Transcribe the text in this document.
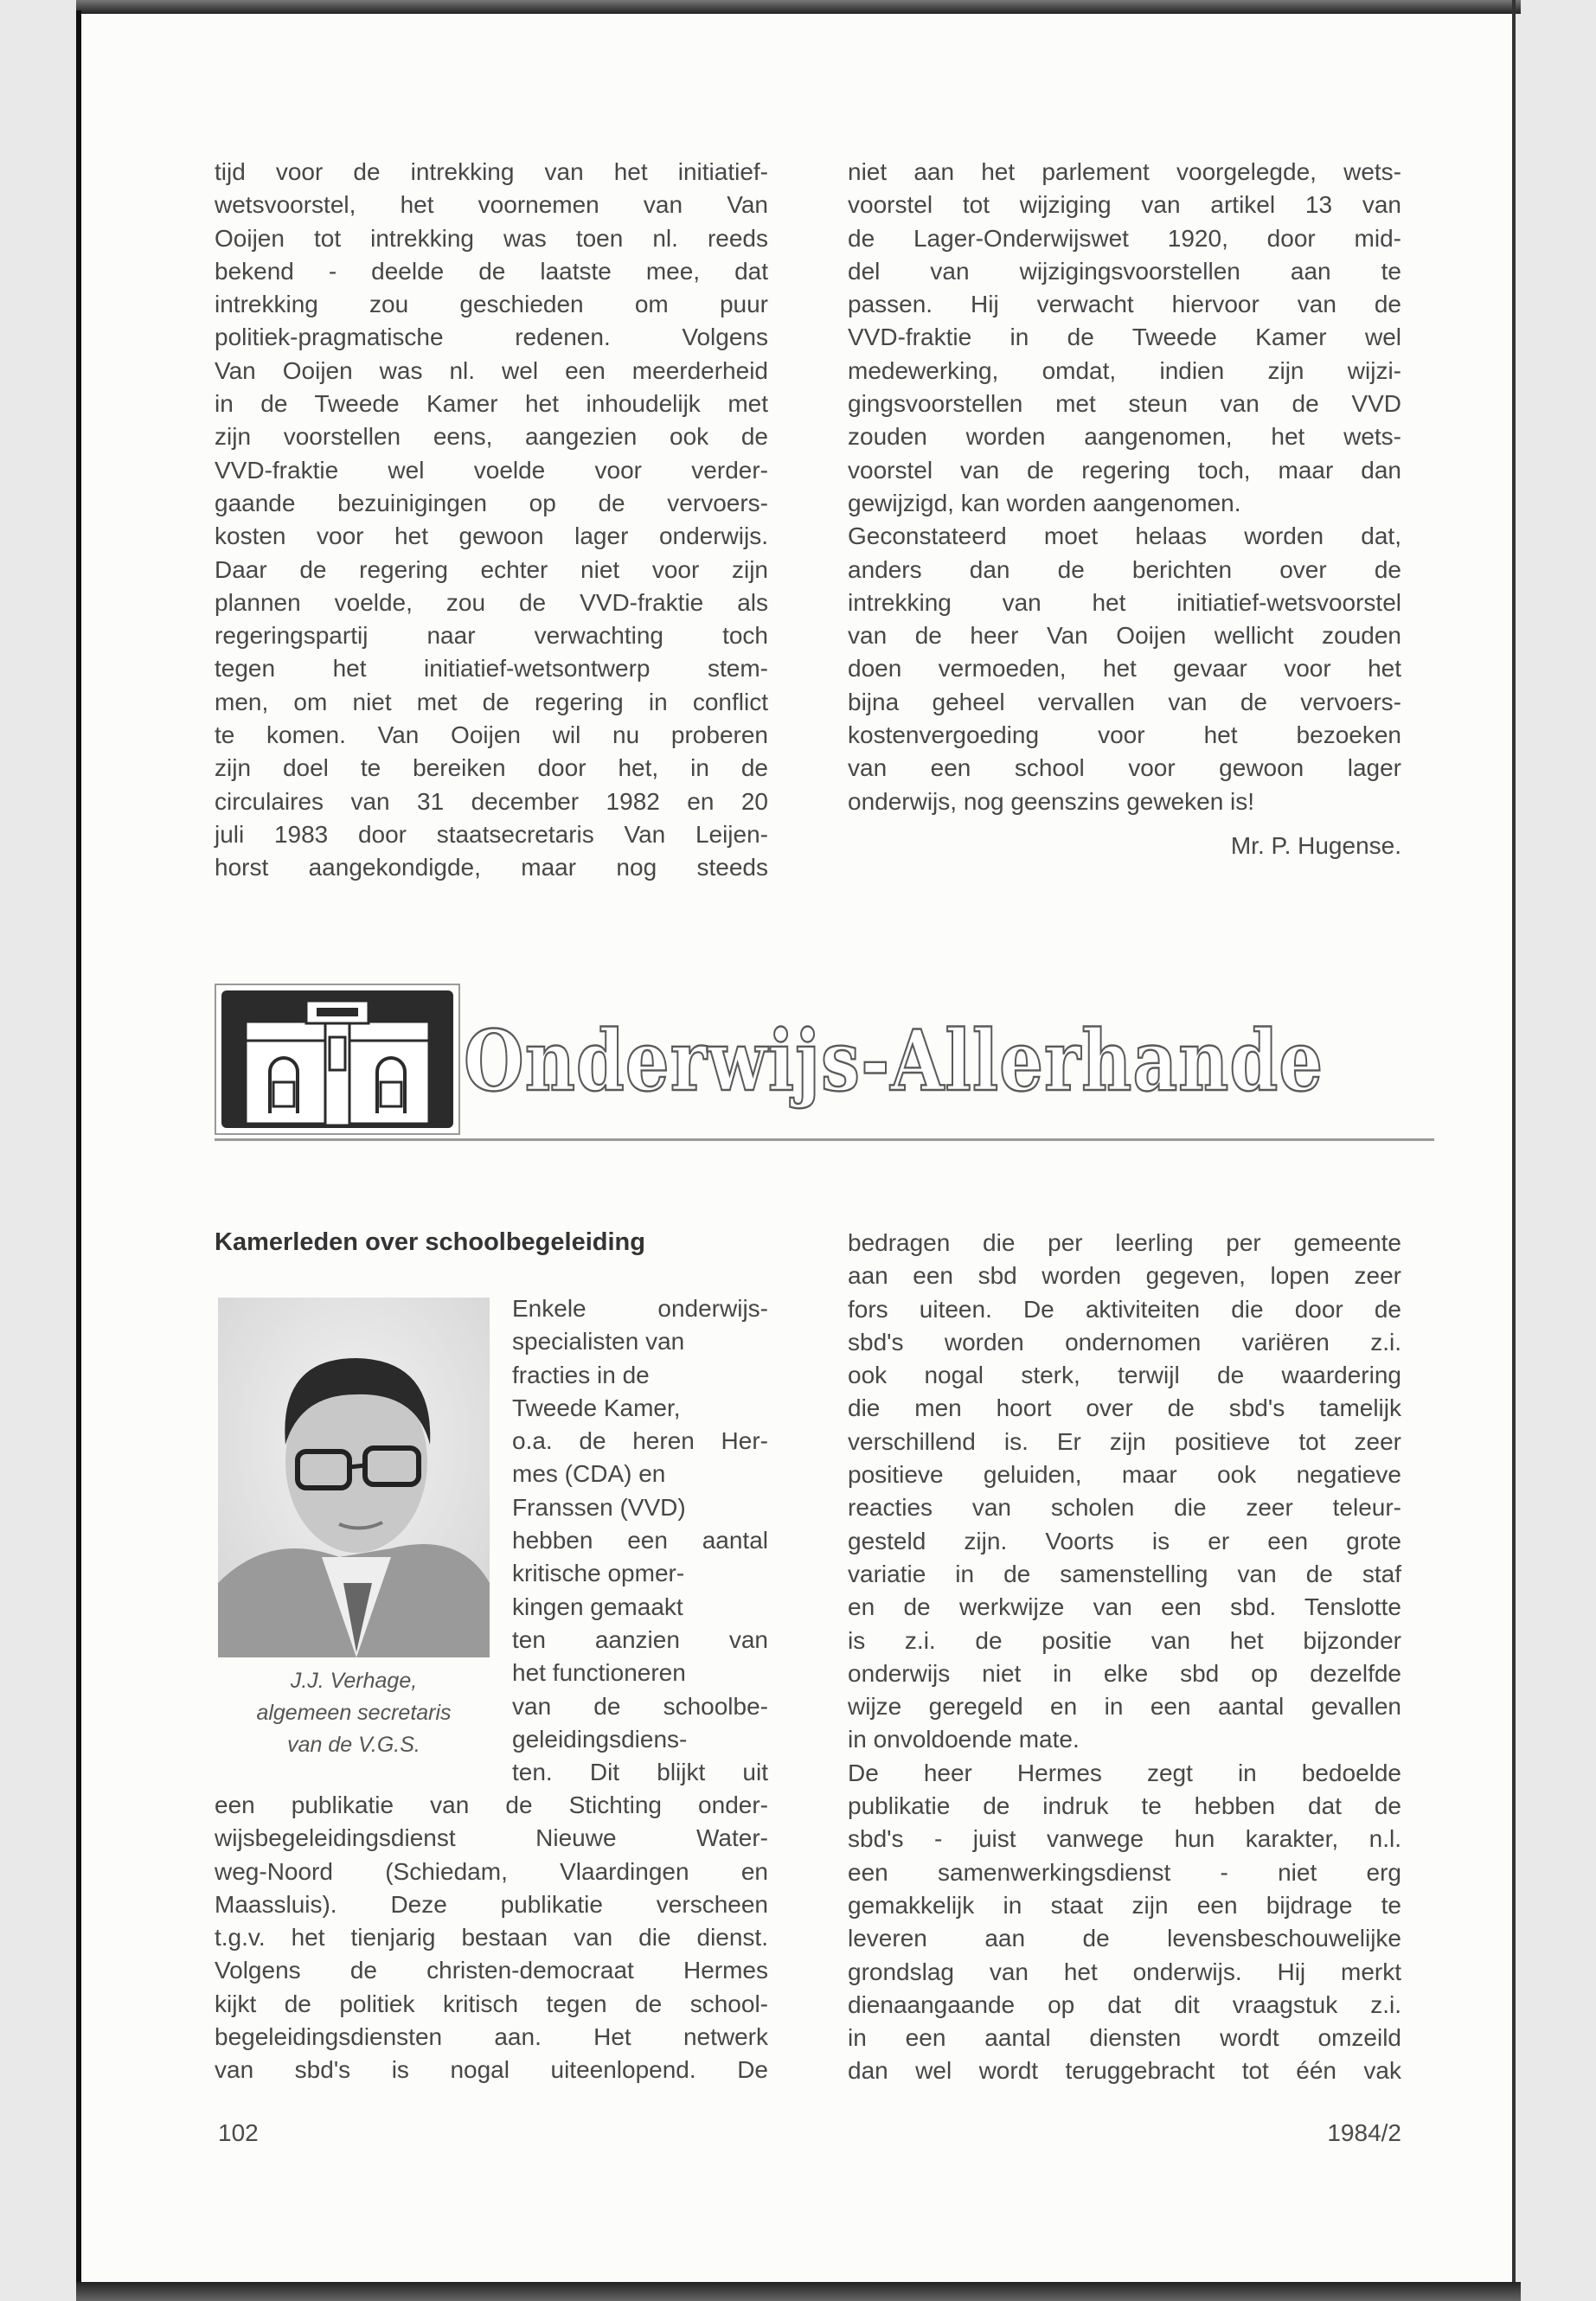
tijd voor de intrekking van het initiatief-
wetsvoorstel, het voornemen van Van
Ooijen tot intrekking was toen nl. reeds
bekend - deelde de laatste mee, dat
intrekking zou geschieden om puur
politiek-pragmatische redenen. Volgens
Van Ooijen was nl. wel een meerderheid
in de Tweede Kamer het inhoudelijk met
zijn voorstellen eens, aangezien ook de
VVD-fraktie wel voelde voor verder-
gaande bezuinigingen op de vervoers-
kosten voor het gewoon lager onderwijs.
Daar de regering echter niet voor zijn
plannen voelde, zou de VVD-fraktie als
regeringspartij naar verwachting toch
tegen het initiatief-wetsontwerp stem-
men, om niet met de regering in conflict
te komen. Van Ooijen wil nu proberen
zijn doel te bereiken door het, in de
circulaires van 31 december 1982 en 20
juli 1983 door staatsecretaris Van Leijen-
horst aangekondigde, maar nog steeds
niet aan het parlement voorgelegde, wets-
voorstel tot wijziging van artikel 13 van
de Lager-Onderwijswet 1920, door mid-
del van wijzigingsvoorstellen aan te
passen. Hij verwacht hiervoor van de
VVD-fraktie in de Tweede Kamer wel
medewerking, omdat, indien zijn wijzi-
gingsvoorstellen met steun van de VVD
zouden worden aangenomen, het wets-
voorstel van de regering toch, maar dan
gewijzigd, kan worden aangenomen.
Geconstateerd moet helaas worden dat,
anders dan de berichten over de
intrekking van het initiatief-wetsvoorstel
van de heer Van Ooijen wellicht zouden
doen vermoeden, het gevaar voor het
bijna geheel vervallen van de vervoers-
kostenvergoeding voor het bezoeken
van een school voor gewoon lager
onderwijs, nog geenszins geweken is!
Mr. P. Hugense.
Onderwijs-Allerhande
Kamerleden over schoolbegeleiding
J.J. Verhage,
algemeen secretaris
van de V.G.S.
Enkele onderwijs-
specialisten van
fracties in de
Tweede Kamer,
o.a. de heren Her-
mes (CDA) en
Franssen (VVD)
hebben een aantal
kritische opmer-
kingen gemaakt
ten aanzien van
het functioneren
van de schoolbe-
geleidingsdiens-
ten. Dit blijkt uit
een publikatie van de Stichting onder-
wijsbegeleidingsdienst Nieuwe Water-
weg-Noord (Schiedam, Vlaardingen en
Maassluis). Deze publikatie verscheen
t.g.v. het tienjarig bestaan van die dienst.
Volgens de christen-democraat Hermes
kijkt de politiek kritisch tegen de school-
begeleidingsdiensten aan. Het netwerk
van sbd's is nogal uiteenlopend. De
bedragen die per leerling per gemeente
aan een sbd worden gegeven, lopen zeer
fors uiteen. De aktiviteiten die door de
sbd's worden ondernomen variëren z.i.
ook nogal sterk, terwijl de waardering
die men hoort over de sbd's tamelijk
verschillend is. Er zijn positieve tot zeer
positieve geluiden, maar ook negatieve
reacties van scholen die zeer teleur-
gesteld zijn. Voorts is er een grote
variatie in de samenstelling van de staf
en de werkwijze van een sbd. Tenslotte
is z.i. de positie van het bijzonder
onderwijs niet in elke sbd op dezelfde
wijze geregeld en in een aantal gevallen
in onvoldoende mate.
De heer Hermes zegt in bedoelde
publikatie de indruk te hebben dat de
sbd's - juist vanwege hun karakter, n.l.
een samenwerkingsdienst - niet erg
gemakkelijk in staat zijn een bijdrage te
leveren aan de levensbeschouwelijke
grondslag van het onderwijs. Hij merkt
dienaangaande op dat dit vraagstuk z.i.
in een aantal diensten wordt omzeild
dan wel wordt teruggebracht tot één vak
102	1984/2
